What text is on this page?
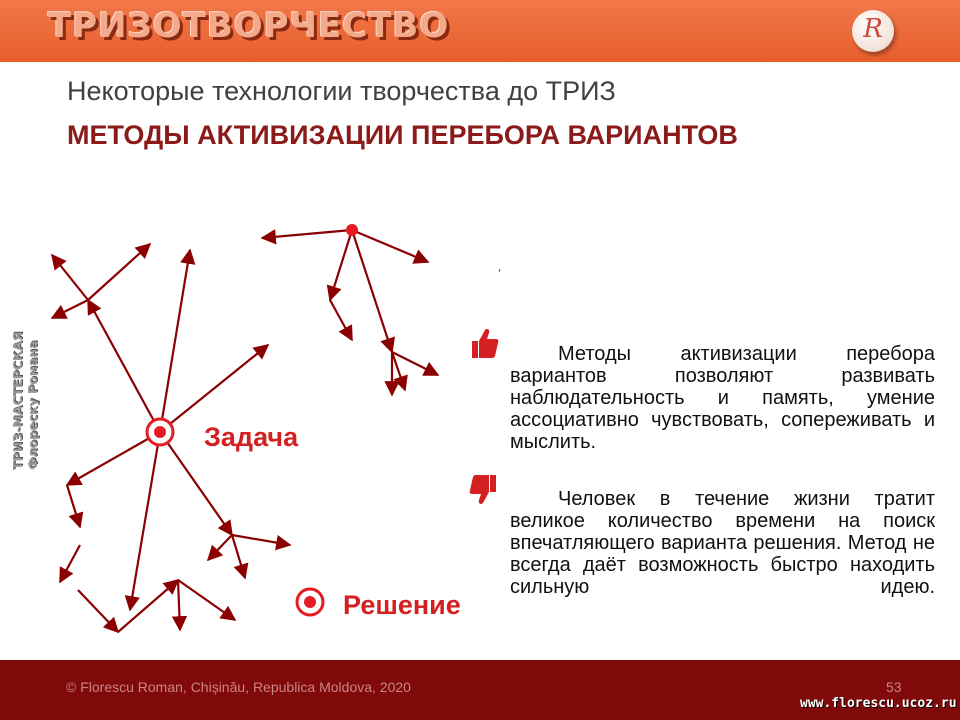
ТРИЗОТВОРЧЕСТВО	R
Некоторые технологии творчества до ТРИЗ
МЕТОДЫ АКТИВИЗАЦИИ ПЕРЕБОРА ВАРИАНТОВ
ТРИЗ-МАСТЕРСКАЯ
Флореску Романа	Задача
Решение
Методы активизации перебора вариантов позволяют развивать наблюдательность и память, умение ассоциативно чувствовать, сопереживать и мыслить.
Человек в течение жизни тратит великое количество времени на поиск впечатляющего варианта решения. Метод не всегда даёт возможность быстро находить сильную идею.
© Florescu Roman, Chișinău, Republica Moldova, 2020	53
www.florescu.ucoz.ru
